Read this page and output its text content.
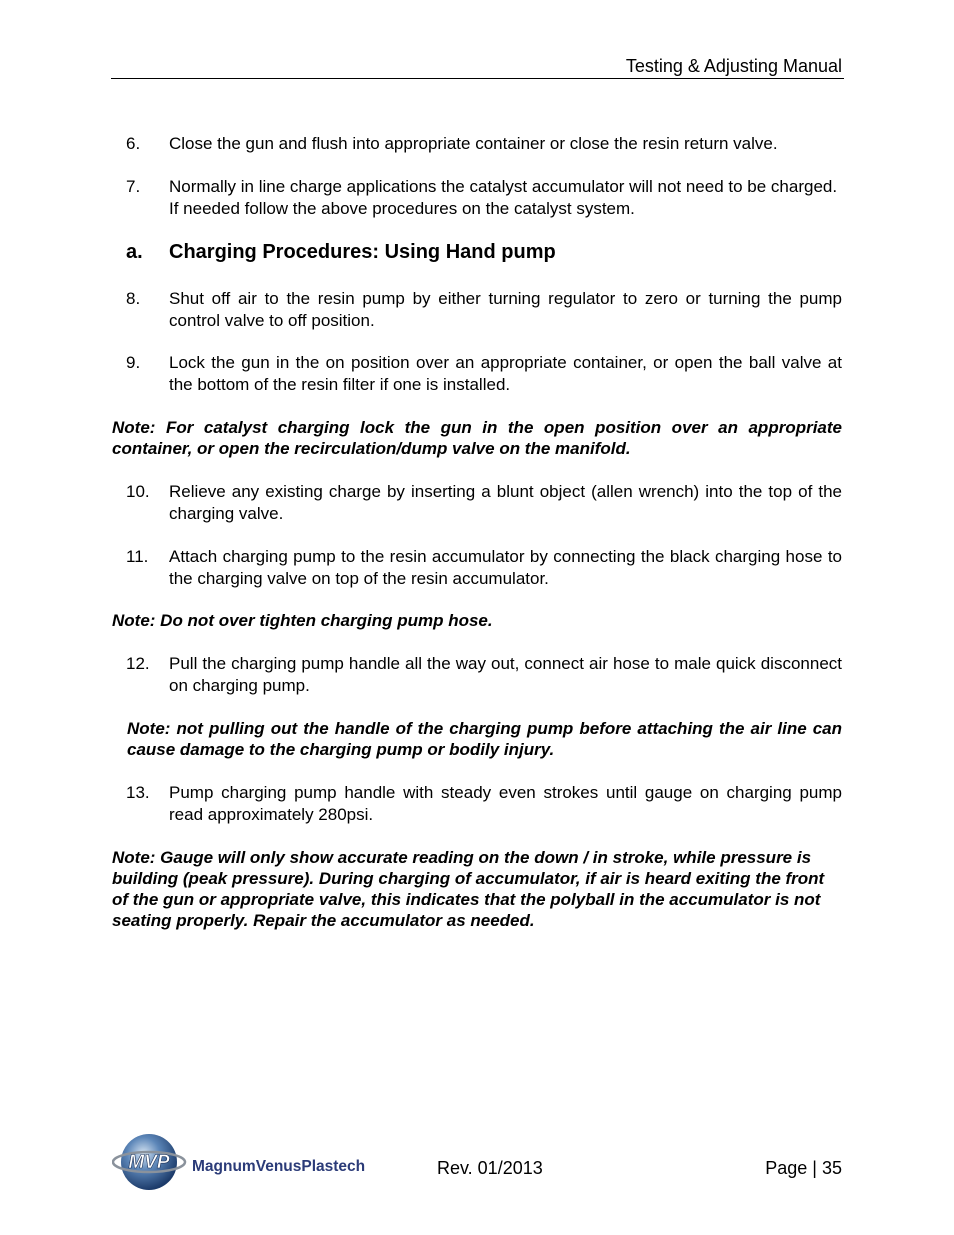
Testing & Adjusting Manual
6. Close the gun and flush into appropriate container or close the resin return valve.
7. Normally in line charge applications the catalyst accumulator will not need to be charged. If needed follow the above procedures on the catalyst system.
a. Charging Procedures: Using Hand pump
8. Shut off air to the resin pump by either turning regulator to zero or turning the pump control valve to off position.
9. Lock the gun in the on position over an appropriate container, or open the ball valve at the bottom of the resin filter if one is installed.
Note: For catalyst charging lock the gun in the open position over an appropriate container, or open the recirculation/dump valve on the manifold.
10. Relieve any existing charge by inserting a blunt object (allen wrench) into the top of the charging valve.
11. Attach charging pump to the resin accumulator by connecting the black charging hose to the charging valve on top of the resin accumulator.
Note: Do not over tighten charging pump hose.
12. Pull the charging pump handle all the way out, connect air hose to male quick disconnect on charging pump.
Note: not pulling out the handle of the charging pump before attaching the air line can cause damage to the charging pump or bodily injury.
13. Pump charging pump handle with steady even strokes until gauge on charging pump read approximately 280psi.
Note: Gauge will only show accurate reading on the down / in stroke, while pressure is building (peak pressure). During charging of accumulator, if air is heard exiting the front of the gun or appropriate valve, this indicates that the polyball in the accumulator is not seating properly. Repair the accumulator as needed.
MVP MagnumVenusPlastech	Rev. 01/2013	Page | 35
